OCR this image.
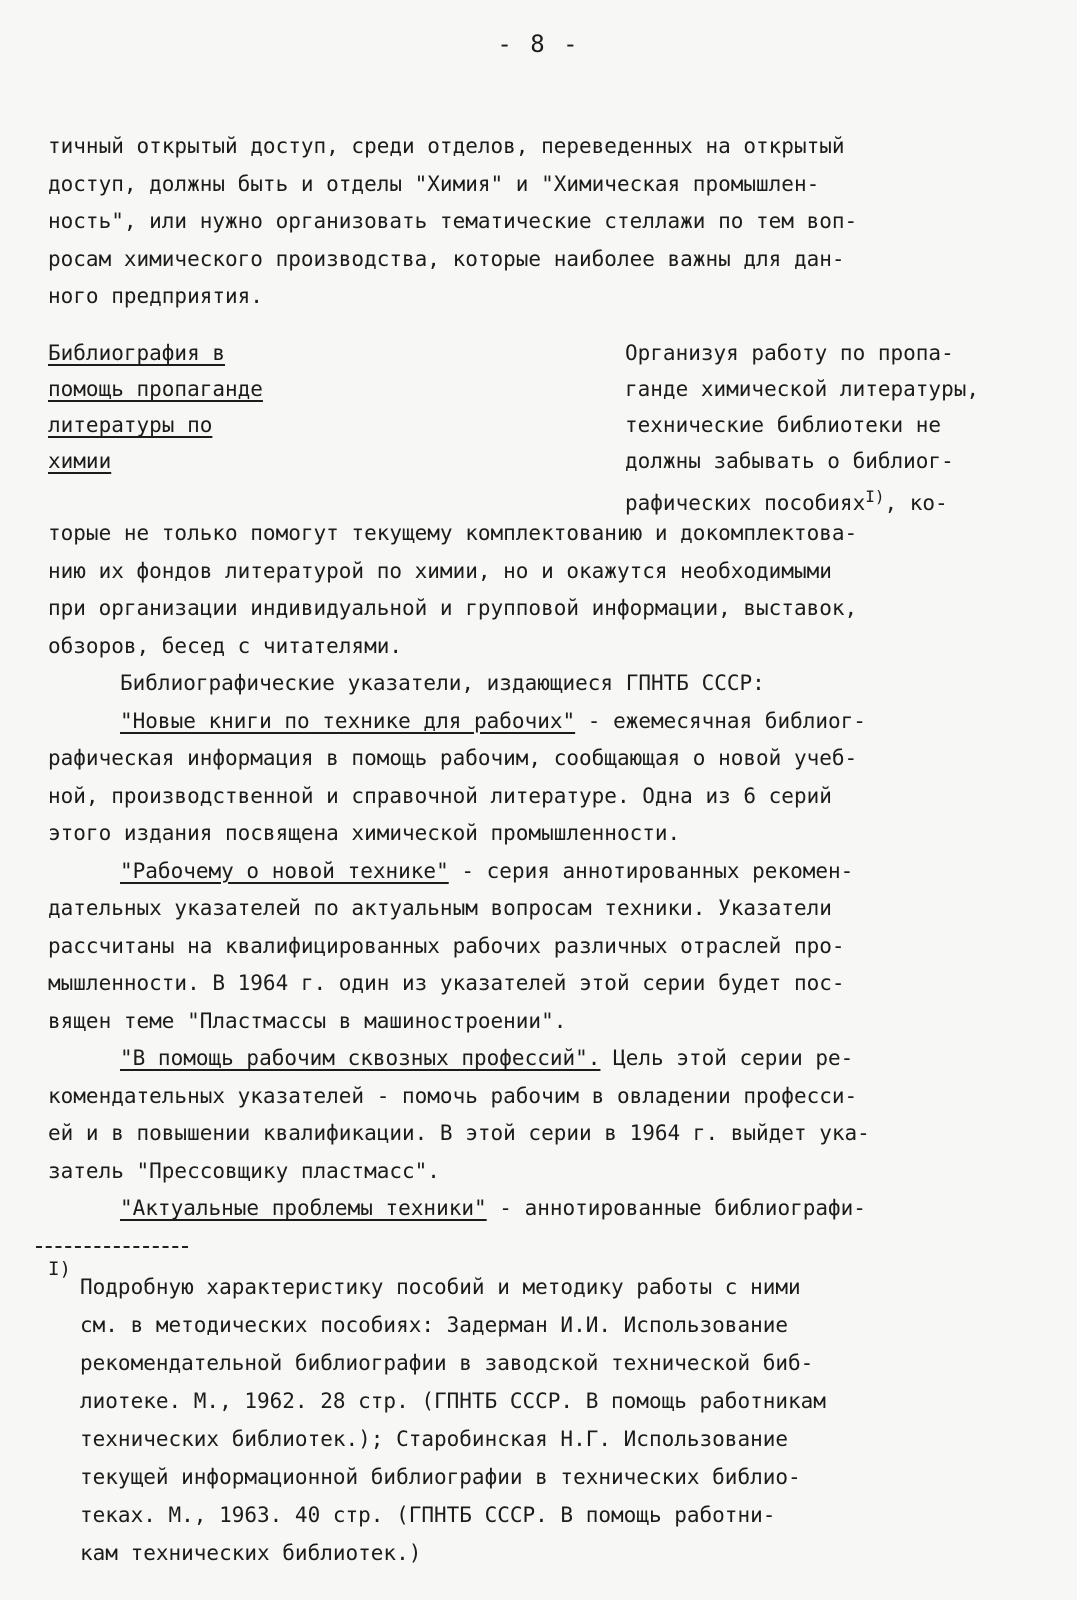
- 8 -
тичный открытый доступ, среди отделов, переведенных на открытый
доступ, должны быть и отделы "Химия" и "Химическая промышлен-
ность", или нужно организовать тематические стеллажи по тем воп-
росам химического производства, которые наиболее важны для дан-
ного предприятия.
Библиография в
помощь пропаганде
литературы по
химии
Организуя работу по пропа-
ганде химической литературы,
технические библиотеки не
должны забывать о библиог-
рафических пособиях$^{I)}$, ко-
торые не только помогут текущему комплектованию и докомплектова-
нию их фондов литературой по химии, но и окажутся необходимыми
при организации индивидуальной и групповой информации, выставок,
обзоров, бесед с читателями.
Библиографические указатели, издающиеся ГПНТБ СССР:
"Новые книги по технике для рабочих" - ежемесячная библиог-
рафическая информация в помощь рабочим, сообщающая о новой учеб-
ной, производственной и справочной литературе. Одна из 6 серий
этого издания посвящена химической промышленности.
"Рабочему о новой технике" - серия аннотированных рекомен-
дательных указателей по актуальным вопросам техники. Указатели
рассчитаны на квалифицированных рабочих различных отраслей про-
мышленности. В 1964 г. один из указателей этой серии будет пос-
вящен теме "Пластмассы в машиностроении".
"В помощь рабочим сквозных профессий". Цель этой серии ре-
комендательных указателей - помочь рабочим в овладении професси-
ей и в повышении квалификации. В этой серии в 1964 г. выйдет ука-
затель "Прессовщику пластмасс".
"Актуальные проблемы техники" - аннотированные библиографи-
I)
Подробную характеристику пособий и методику работы с ними
см. в методических пособиях: Задерман И.И. Использование
рекомендательной библиографии в заводской технической биб-
лиотеке. М., 1962. 28 стр. (ГПНТБ СССР. В помощь работникам
технических библиотек.); Старобинская Н.Г. Использование
текущей информационной библиографии в технических библио-
теках. М., 1963. 40 стр. (ГПНТБ СССР. В помощь работни-
кам технических библиотек.)
